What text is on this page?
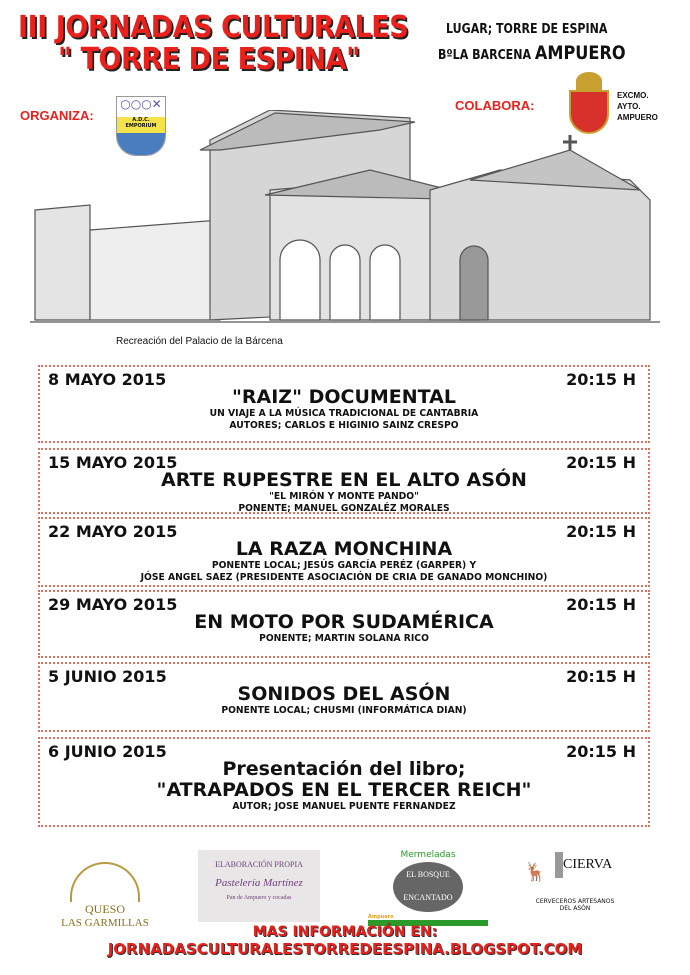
III JORNADAS CULTURALES
" TORRE DE ESPINA"
LUGAR; TORRE DE ESPINA
BºLA BARCENA AMPUERO
ORGANIZA:
○○○✕
A.D.C. EMPORIUM
COLABORA:
EXCMO.
AYTO.
AMPUERO
Recreación del Palacio de la Bárcena
8 MAYO 2015	20:15 H
"RAIZ" DOCUMENTAL
UN VIAJE A LA MÚSICA TRADICIONAL DE CANTABRIA
AUTORES; CARLOS E HIGINIO SAINZ CRESPO
15 MAYO 2015	20:15 H
ARTE RUPESTRE EN EL ALTO ASÓN
"EL MIRÓN Y MONTE PANDO"
PONENTE; MANUEL GONZALÉZ MORALES
22 MAYO 2015	20:15 H
LA RAZA MONCHINA
PONENTE LOCAL; JESÚS GARCÍA PERÉZ (GARPER) Y
JÓSE ANGEL SAEZ (PRESIDENTE ASOCIACIÓN DE CRIA DE GANADO MONCHINO)
29 MAYO 2015	20:15 H
EN MOTO POR SUDAMÉRICA
PONENTE; MARTIN SOLANA RICO
5 JUNIO 2015	20:15 H
SONIDOS DEL ASÓN
PONENTE LOCAL; CHUSMI (INFORMÁTICA DIAN)
6 JUNIO 2015	20:15 H
Presentación del libro;
"ATRAPADOS EN EL TERCER REICH"
AUTOR; JOSE MANUEL PUENTE FERNANDEZ
QUESO
LAS GARMILLAS
ELABORACIÓN PROPIA
Pastelería Martínez
Pan de Ampuero y cocadas
Mermeladas
EL BOSQUE
ENCANTADO
Ampuero
CIERVA
🦌
CERVECEROS ARTESANOS
DEL ASÓN
MAS INFORMACIÓN EN:
JORNADASCULTURALESTORREDEESPINA.BLOGSPOT.COM
